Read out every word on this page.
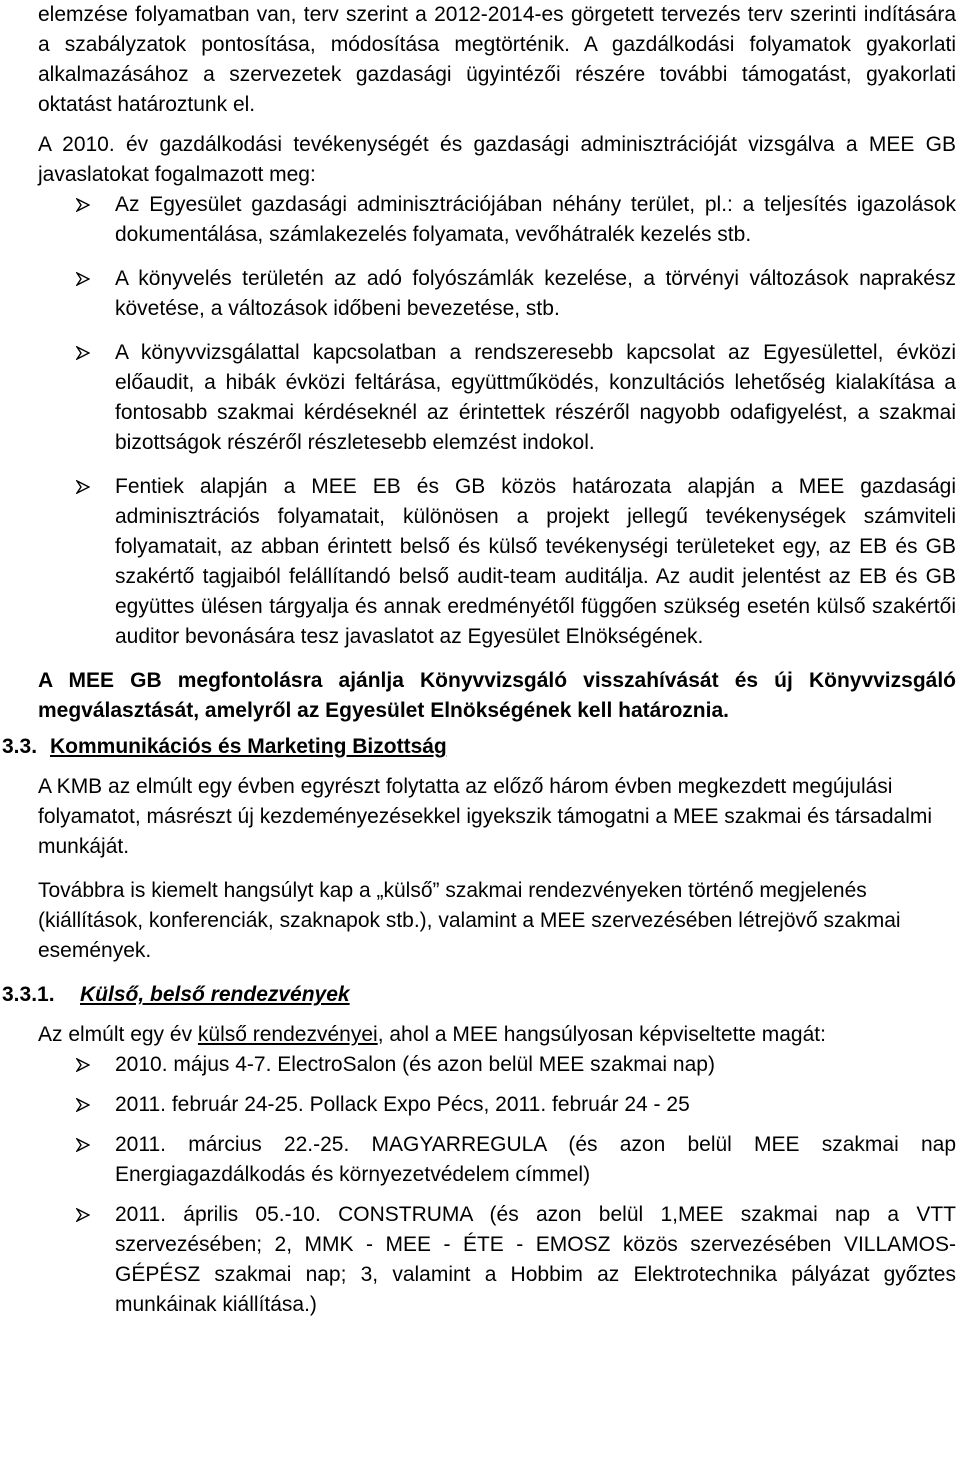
elemzése folyamatban van, terv szerint a 2012-2014-es görgetett tervezés terv szerinti indítására a szabályzatok pontosítása, módosítása megtörténik. A gazdálkodási folyamatok gyakorlati alkalmazásához a szervezetek gazdasági ügyintézői részére további támogatást, gyakorlati oktatást határoztunk el.

A 2010. év gazdálkodási tevékenységét és gazdasági adminisztrációját vizsgálva a MEE GB javaslatokat fogalmazott meg:

Az Egyesület gazdasági adminisztrációjában néhány terület, pl.: a teljesítés igazolások dokumentálása, számlakezelés folyamata, vevőhátralék kezelés stb.
A könyvelés területén az adó folyószámlák kezelése, a törvényi változások naprakész követése, a változások időbeni bevezetése, stb.
A könyvvizsgálattal kapcsolatban a rendszeresebb kapcsolat az Egyesülettel, évközi előaudit, a hibák évközi feltárása, együttműködés, konzultációs lehetőség kialakítása a fontosabb szakmai kérdéseknél az érintettek részéről nagyobb odafigyelést, a szakmai bizottságok részéről részletesebb elemzést indokol.
Fentiek alapján a MEE EB és GB közös határozata alapján a MEE gazdasági adminisztrációs folyamatait, különösen a projekt jellegű tevékenységek számviteli folyamatait, az abban érintett belső és külső tevékenységi területeket egy, az EB és GB szakértő tagjaiból felállítandó belső audit-team auditálja. Az audit jelentést az EB és GB együttes ülésen tárgyalja és annak eredményétől függően szükség esetén külső szakértői auditor bevonására tesz javaslatot az Egyesület Elnökségének.

A MEE GB megfontolásra ajánlja Könyvvizsgáló visszahívását és új Könyvvizsgáló megválasztását, amelyről az Egyesület Elnökségének kell határoznia.

3.3. Kommunikációs és Marketing Bizottság

A KMB az elmúlt egy évben egyrészt folytatta az előző három évben megkezdett megújulási folyamatot, másrészt új kezdeményezésekkel igyekszik támogatni a MEE szakmai és társadalmi munkáját.

Továbbra is kiemelt hangsúlyt kap a „külső” szakmai rendezvényeken történő megjelenés (kiállítások, konferenciák, szaknapok stb.), valamint a MEE szervezésében létrejövő szakmai események.

3.3.1. Külső, belső rendezvények

Az elmúlt egy év külső rendezvényei, ahol a MEE hangsúlyosan képviseltette magát:

2010. május 4-7. ElectroSalon (és azon belül MEE szakmai nap)
2011. február 24-25. Pollack Expo Pécs, 2011. február 24 - 25
2011. március 22.-25. MAGYARREGULA (és azon belül MEE szakmai nap Energiagazdálkodás és környezetvédelem címmel)
2011. április 05.-10. CONSTRUMA (és azon belül 1,MEE szakmai nap a VTT szervezésében; 2, MMK - MEE - ÉTE - EMOSZ közös szervezésében VILLAMOS-GÉPÉSZ szakmai nap; 3, valamint a Hobbim az Elektrotechnika pályázat győztes munkáinak kiállítása.)
